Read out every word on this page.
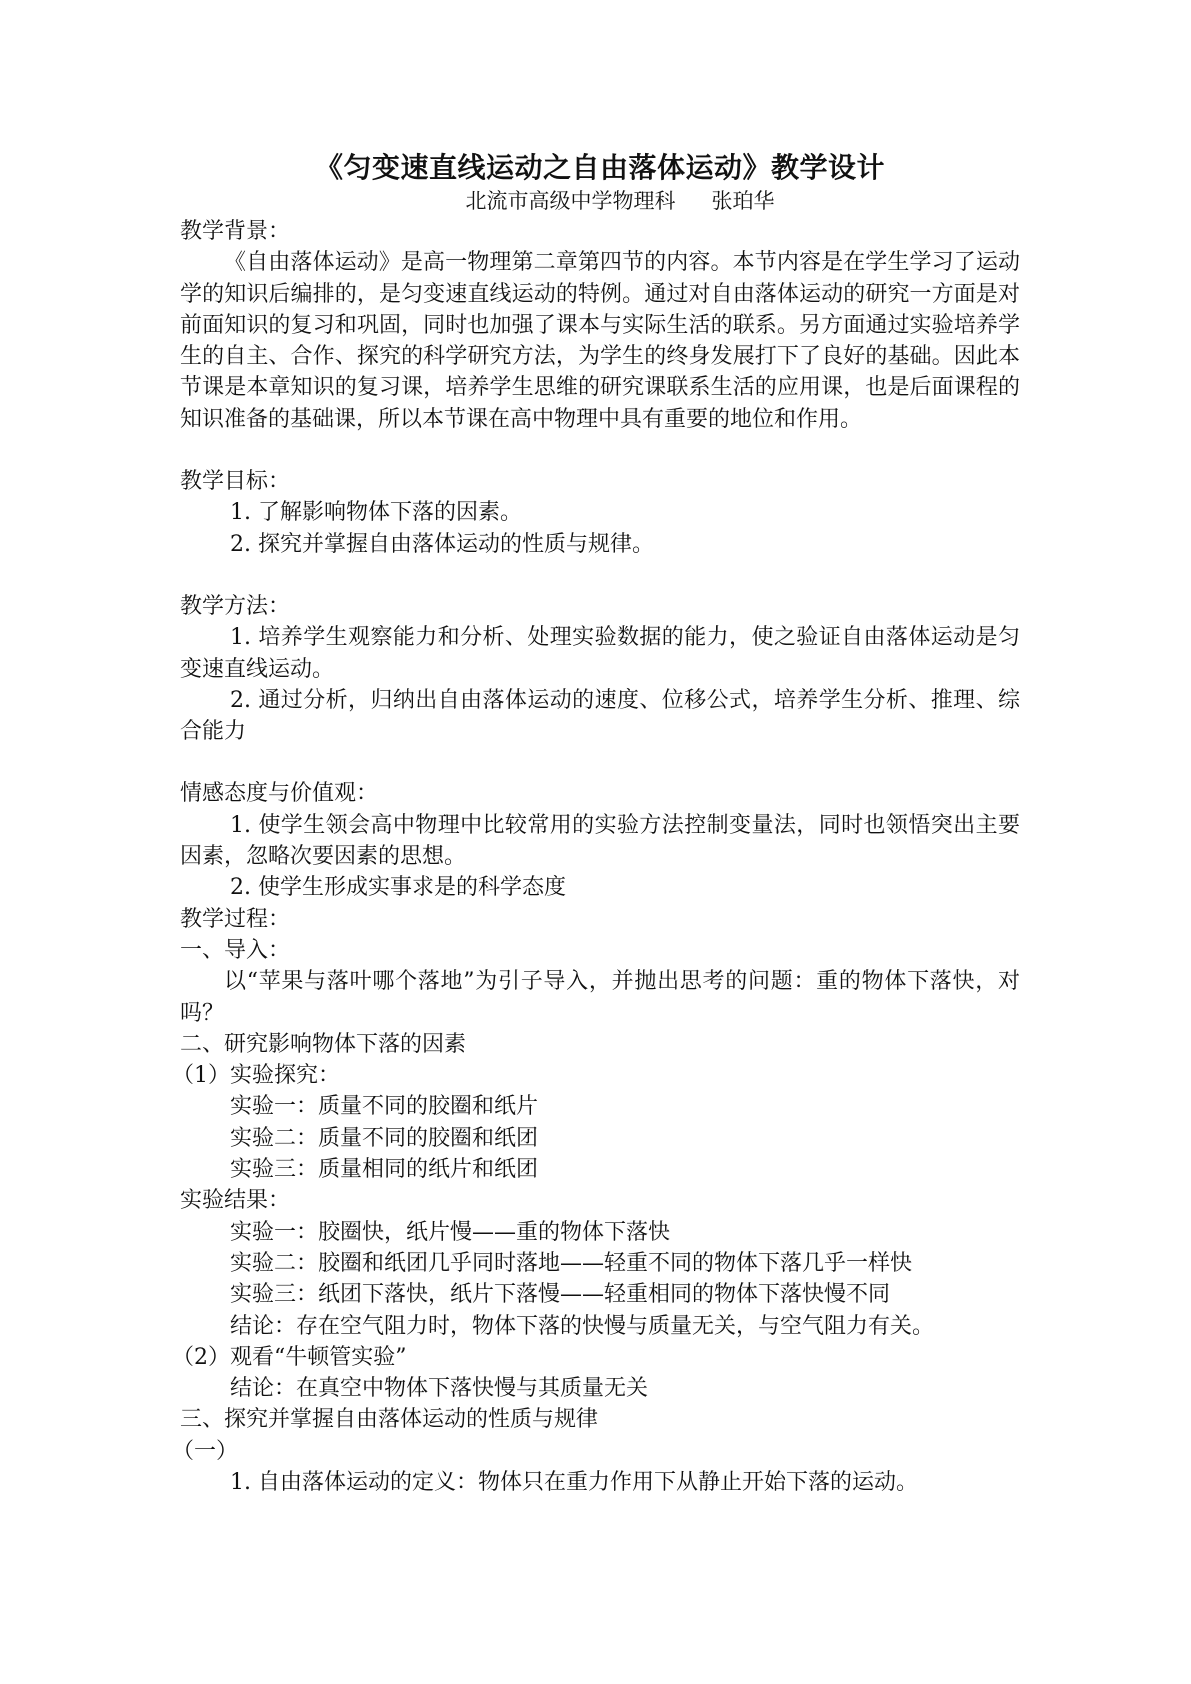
《匀变速直线运动之自由落体运动》教学设计
北流市高级中学物理科 张珀华
教学背景：

《自由落体运动》是高一物理第二章第四节的内容。本节内容是在学生学习了运动学的知识后编排的，是匀变速直线运动的特例。通过对自由落体运动的研究一方面是对前面知识的复习和巩固，同时也加强了课本与实际生活的联系。另方面通过实验培养学生的自主、合作、探究的科学研究方法，为学生的终身发展打下了良好的基础。因此本节课是本章知识的复习课，培养学生思维的研究课联系生活的应用课，也是后面课程的知识准备的基础课，所以本节课在高中物理中具有重要的地位和作用。

教学目标：
1. 了解影响物体下落的因素。
2. 探究并掌握自由落体运动的性质与规律。
教学方法：

1. 培养学生观察能力和分析、处理实验数据的能力，使之验证自由落体运动是匀变速直线运动。

2. 通过分析，归纳出自由落体运动的速度、位移公式，培养学生分析、推理、综合能力

情感态度与价值观：

1. 使学生领会高中物理中比较常用的实验方法控制变量法，同时也领悟突出主要因素，忽略次要因素的思想。

2. 使学生形成实事求是的科学态度
教学过程：
一、导入：

以“苹果与落叶哪个落地”为引子导入，并抛出思考的问题：重的物体下落快，对吗？

二、研究影响物体下落的因素
（1）实验探究：
实验一：质量不同的胶圈和纸片
实验二：质量不同的胶圈和纸团
实验三：质量相同的纸片和纸团
实验结果：
实验一：胶圈快，纸片慢——重的物体下落快
实验二：胶圈和纸团几乎同时落地——轻重不同的物体下落几乎一样快
实验三：纸团下落快，纸片下落慢——轻重相同的物体下落快慢不同
结论：存在空气阻力时，物体下落的快慢与质量无关，与空气阻力有关。
（2）观看“牛顿管实验”
结论：在真空中物体下落快慢与其质量无关
三、探究并掌握自由落体运动的性质与规律
（一）
1. 自由落体运动的定义：物体只在重力作用下从静止开始下落的运动。
